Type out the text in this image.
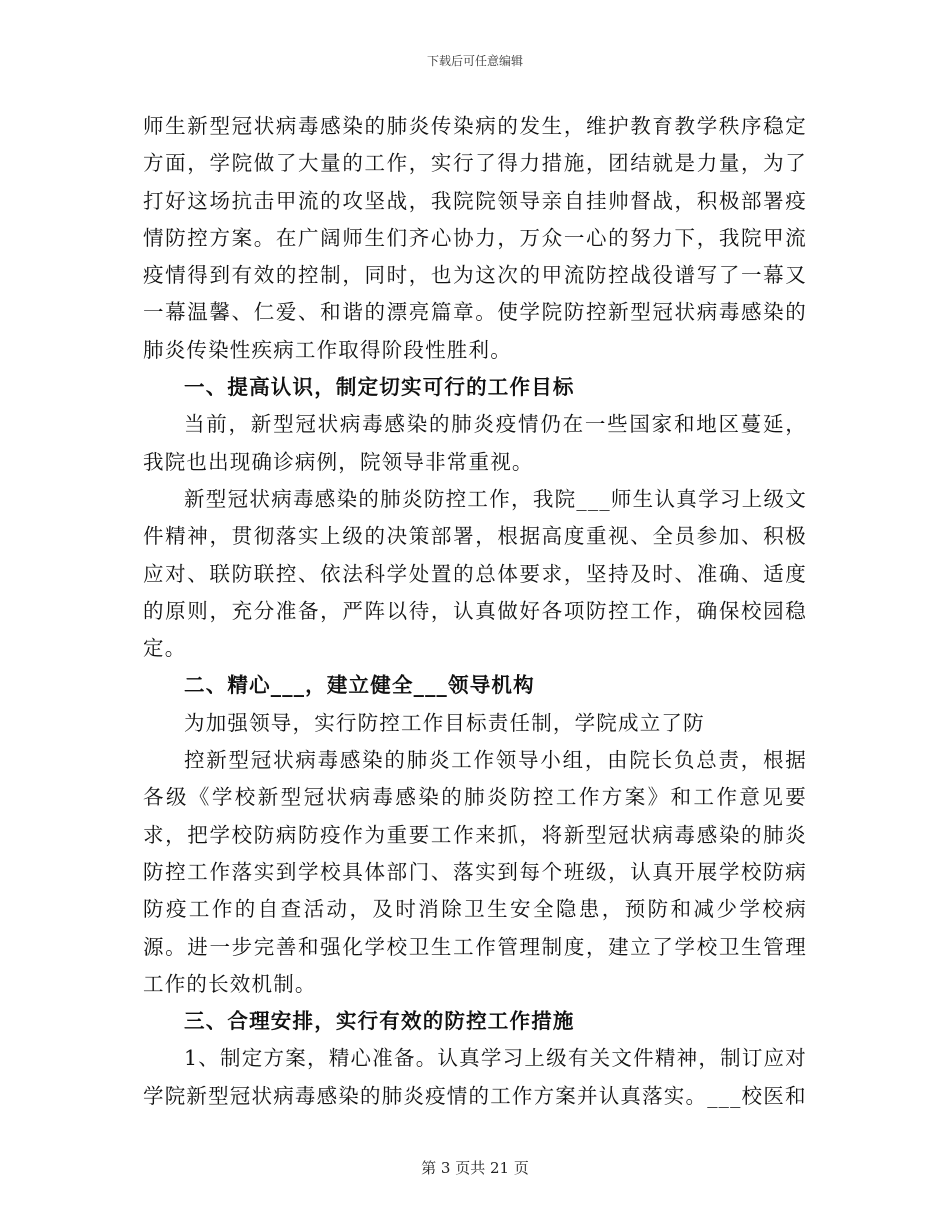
下载后可任意编辑

师生新型冠状病毒感染的肺炎传染病的发生，维护教育教学秩序稳定方面，学院做了大量的工作，实行了得力措施，团结就是力量，为了打好这场抗击甲流的攻坚战，我院院领导亲自挂帅督战，积极部署疫情防控方案。在广阔师生们齐心协力，万众一心的努力下，我院甲流疫情得到有效的控制，同时，也为这次的甲流防控战役谱写了一幕又一幕温馨、仁爱、和谐的漂亮篇章。使学院防控新型冠状病毒感染的肺炎传染性疾病工作取得阶段性胜利。

一、提高认识，制定切实可行的工作目标

当前，新型冠状病毒感染的肺炎疫情仍在一些国家和地区蔓延，我院也出现确诊病例，院领导非常重视。

新型冠状病毒感染的肺炎防控工作，我院___师生认真学习上级文件精神，贯彻落实上级的决策部署，根据高度重视、全员参加、积极应对、联防联控、依法科学处置的总体要求，坚持及时、准确、适度的原则，充分准备，严阵以待，认真做好各项防控工作，确保校园稳定。

二、精心___，建立健全___领导机构

为加强领导，实行防控工作目标责任制，学院成立了防

控新型冠状病毒感染的肺炎工作领导小组，由院长负总责，根据各级《学校新型冠状病毒感染的肺炎防控工作方案》和工作意见要求，把学校防病防疫作为重要工作来抓，将新型冠状病毒感染的肺炎防控工作落实到学校具体部门、落实到每个班级，认真开展学校防病防疫工作的自查活动，及时消除卫生安全隐患，预防和减少学校病源。进一步完善和强化学校卫生工作管理制度，建立了学校卫生管理工作的长效机制。

三、合理安排，实行有效的防控工作措施

1、制定方案，精心准备。认真学习上级有关文件精神，制订应对学院新型冠状病毒感染的肺炎疫情的工作方案并认真落实。___校医和

第 3 页共 21 页
